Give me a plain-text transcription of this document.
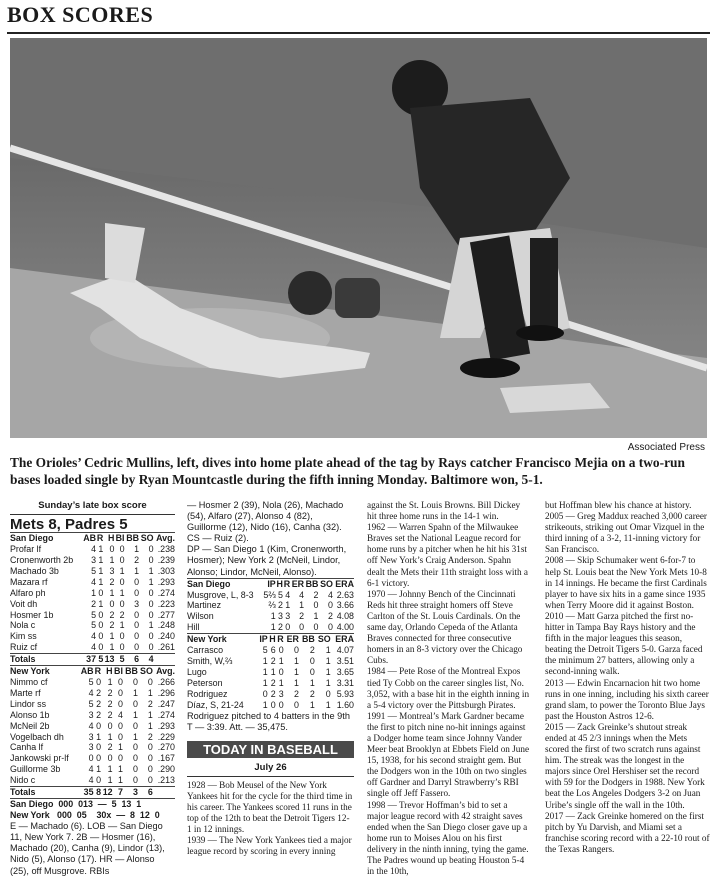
BOX SCORES
Associated Press
The Orioles’ Cedric Mullins, left, dives into home plate ahead of the tag by Rays catcher Francisco Mejia on a two-run bases loaded single by Ryan Mountcastle during the fifth inning Monday. Baltimore won, 5-1.
Sunday’s late box score
Mets 8, Padres 5
San Diego	AB	R	H	BI	BB	SO	Avg.
Profar lf	4	1	0	0	1	0	.238
Cronenworth 2b	3	1	1	0	2	0	.239
Machado 3b	5	1	3	1	1	1	.303
Mazara rf	4	1	2	0	0	1	.293
Alfaro ph	1	0	1	1	0	0	.274
Voit dh	2	1	0	0	3	0	.223
Hosmer 1b	5	0	2	2	0	0	.277
Nola c	5	0	2	1	0	1	.248
Kim ss	4	0	1	0	0	0	.240
Ruiz cf	4	0	1	0	0	0	.261
Totals	37	5	13	5	6	4	
New York	AB	R	H	BI	BB	SO	Avg.
Nimmo cf	5	0	1	0	0	0	.266
Marte rf	4	2	2	0	1	1	.296
Lindor ss	5	2	2	0	0	2	.247
Alonso 1b	3	2	2	4	1	1	.274
McNeil 2b	4	0	0	0	0	1	.293
Vogelbach dh	3	1	1	0	1	2	.229
Canha lf	3	0	2	1	0	0	.270
Jankowski pr-lf	0	0	0	0	0	0	.167
Guillorme 3b	4	1	1	1	0	0	.290
Nido c	4	0	1	1	0	0	.213
Totals	35	8	12	7	3	6	
San Diego  000  013  —  5  13  1
New York   000  05    30x  —  8  12  0

E — Machado (6). LOB — San Diego 11, New York 7. 2B — Hosmer (16), Machado (20), Canha (9), Lindor (13), Nido (5), Alonso (17). HR — Alonso (25), off Musgrove. RBIs

— Hosmer 2 (39), Nola (26), Machado (54), Alfaro (27), Alonso 4 (82), Guillorme (12), Nido (16), Canha (32). CS — Ruiz (2).

DP — San Diego 1 (Kim, Cronenworth, Hosmer); New York 2 (McNeil, Lindor, Alonso; Lindor, McNeil, Alonso).

San Diego	IP	H	R	ER	BB	SO	ERA
Musgrove, L, 8-3	5⅔	5	4	4	2	4	2.63
Martinez	⅔	2	1	1	0	0	3.66
Wilson	1	3	3	2	1	2	4.08
Hill	1	2	0	0	0	0	4.00
New York	IP	H	R	ER	BB	SO	ERA
Carrasco	5	6	0	0	2	1	4.07
Smith, W,⅔	1	2	1	1	0	1	3.51
Lugo	1	1	0	1	0	1	3.65
Peterson	1	2	1	1	1	1	3.31
Rodriguez	0	2	3	2	2	0	5.93
Díaz, S, 21-24	1	0	0	0	1	1	1.60

Rodriguez pitched to 4 batters in the 9th

T — 3:39. Att. — 35,475.

TODAY IN BASEBALL
July 26

1928 — Bob Meusel of the New York Yankees hit for the cycle for the third time in his career. The Yankees scored 11 runs in the top of the 12th to beat the Detroit Tigers 12-1 in 12 innings.

1939 — The New York Yankees tied a major league record by scoring in every inning

against the St. Louis Browns. Bill Dickey hit three home runs in the 14-1 win.

1962 — Warren Spahn of the Milwaukee Braves set the National League record for home runs by a pitcher when he hit his 31st off New York’s Craig Anderson. Spahn dealt the Mets their 11th straight loss with a 6-1 victory.

1970 — Johnny Bench of the Cincinnati Reds hit three straight homers off Steve Carlton of the St. Louis Cardinals. On the same day, Orlando Cepeda of the Atlanta Braves connected for three consecutive homers in an 8-3 victory over the Chicago Cubs.

1984 — Pete Rose of the Montreal Expos tied Ty Cobb on the career singles list, No. 3,052, with a base hit in the eighth inning in a 5-4 victory over the Pittsburgh Pirates.

1991 — Montreal’s Mark Gardner became the first to pitch nine no-hit innings against a Dodger home team since Johnny Vander Meer beat Brooklyn at Ebbets Field on June 15, 1938, for his second straight gem. But the Dodgers won in the 10th on two singles off Gardner and Darryl Strawberry’s RBI single off Jeff Fassero.

1998 — Trevor Hoffman’s bid to set a major league record with 42 straight saves ended when the San Diego closer gave up a home run to Moises Alou on his first delivery in the ninth inning, tying the game. The Padres wound up beating Houston 5-4 in the 10th,

but Hoffman blew his chance at history.

2005 — Greg Maddux reached 3,000 career strikeouts, striking out Omar Vizquel in the third inning of a 3-2, 11-inning victory for San Francisco.

2008 — Skip Schumaker went 6-for-7 to help St. Louis beat the New York Mets 10-8 in 14 innings. He became the first Cardinals player to have six hits in a game since 1935 when Terry Moore did it against Boston.

2010 — Matt Garza pitched the first no-hitter in Tampa Bay Rays history and the fifth in the major leagues this season, beating the Detroit Tigers 5-0. Garza faced the minimum 27 batters, allowing only a second-inning walk.

2013 — Edwin Encarnacion hit two home runs in one inning, including his sixth career grand slam, to power the Toronto Blue Jays past the Houston Astros 12-6.

2015 — Zack Greinke’s shutout streak ended at 45 2/3 innings when the Mets scored the first of two scratch runs against him. The streak was the longest in the majors since Orel Hershiser set the record with 59 for the Dodgers in 1988. New York beat the Los Angeles Dodgers 3-2 on Juan Uribe’s single off the wall in the 10th.

2017 — Zack Greinke homered on the first pitch by Yu Darvish, and Miami set a franchise scoring record with a 22-10 rout of the Texas Rangers.
